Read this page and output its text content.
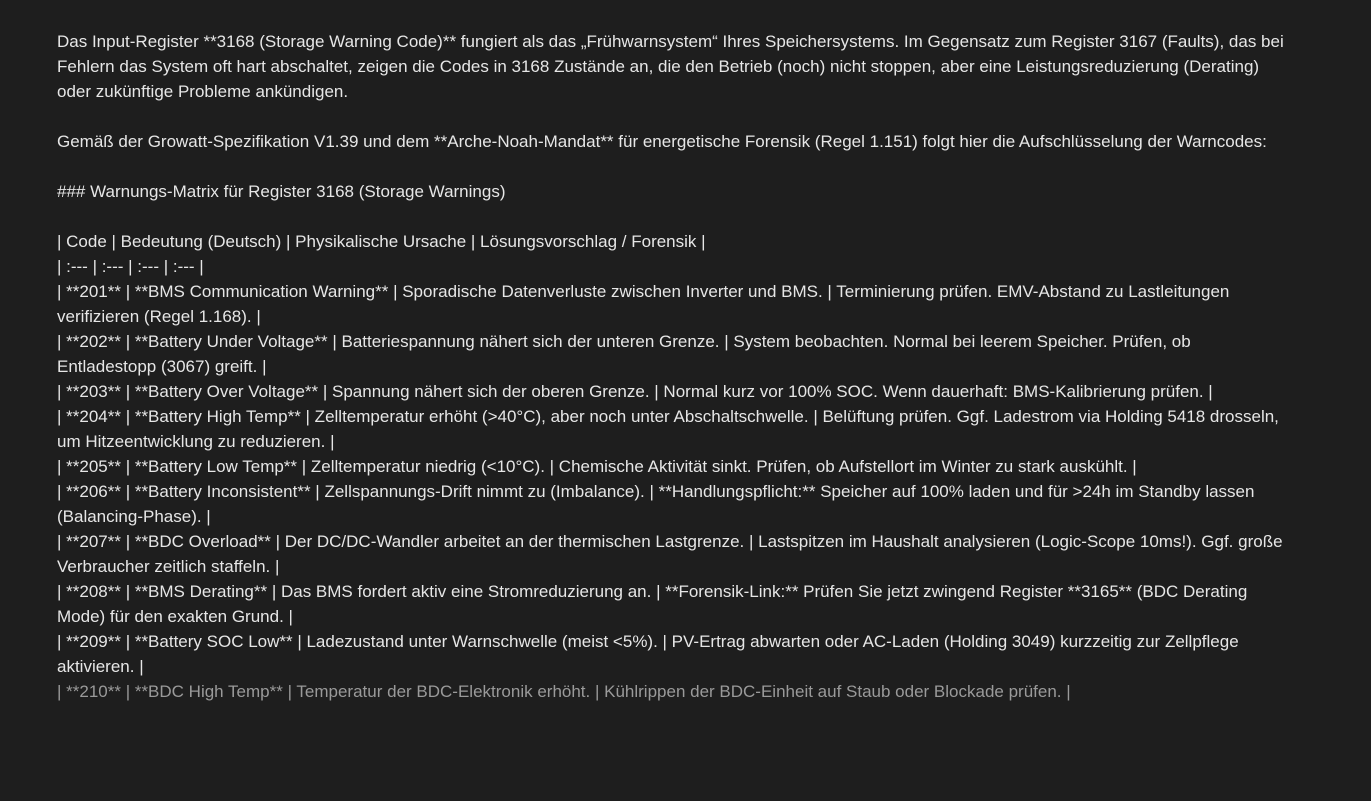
Das Input-Register **3168 (Storage Warning Code)** fungiert als das „Frühwarnsystem“ Ihres Speichersystems. Im Gegensatz zum Register 3167 (Faults), das bei Fehlern das System oft hart abschaltet, zeigen die Codes in 3168 Zustände an, die den Betrieb (noch) nicht stoppen, aber eine Leistungsreduzierung (Derating) oder zukünftige Probleme ankündigen.

Gemäß der Growatt-Spezifikation V1.39 und dem **Arche-Noah-Mandat** für energetische Forensik (Regel 1.151) folgt hier die Aufschlüsselung der Warncodes:

### Warnungs-Matrix für Register 3168 (Storage Warnings)

| Code | Bedeutung (Deutsch) | Physikalische Ursache | Lösungsvorschlag / Forensik |

| :--- | :--- | :--- | :--- |

| **201** | **BMS Communication Warning** | Sporadische Datenverluste zwischen Inverter und BMS. | Terminierung prüfen. EMV-Abstand zu Lastleitungen verifizieren (Regel 1.168). |

| **202** | **Battery Under Voltage** | Batteriespannung nähert sich der unteren Grenze. | System beobachten. Normal bei leerem Speicher. Prüfen, ob Entladestopp (3067) greift. |

| **203** | **Battery Over Voltage** | Spannung nähert sich der oberen Grenze. | Normal kurz vor 100% SOC. Wenn dauerhaft: BMS-Kalibrierung prüfen. |

| **204** | **Battery High Temp** | Zelltemperatur erhöht (>40°C), aber noch unter Abschaltschwelle. | Belüftung prüfen. Ggf. Ladestrom via Holding 5418 drosseln, um Hitzeentwicklung zu reduzieren. |

| **205** | **Battery Low Temp** | Zelltemperatur niedrig (<10°C). | Chemische Aktivität sinkt. Prüfen, ob Aufstellort im Winter zu stark auskühlt. |

| **206** | **Battery Inconsistent** | Zellspannungs-Drift nimmt zu (Imbalance). | **Handlungspflicht:** Speicher auf 100% laden und für >24h im Standby lassen (Balancing-Phase). |

| **207** | **BDC Overload** | Der DC/DC-Wandler arbeitet an der thermischen Lastgrenze. | Lastspitzen im Haushalt analysieren (Logic-Scope 10ms!). Ggf. große Verbraucher zeitlich staffeln. |

| **208** | **BMS Derating** | Das BMS fordert aktiv eine Stromreduzierung an. | **Forensik-Link:** Prüfen Sie jetzt zwingend Register **3165** (BDC Derating Mode) für den exakten Grund. |

| **209** | **Battery SOC Low** | Ladezustand unter Warnschwelle (meist <5%). | PV-Ertrag abwarten oder AC-Laden (Holding 3049) kurzzeitig zur Zellpflege aktivieren. |

| **210** | **BDC High Temp** | Temperatur der BDC-Elektronik erhöht. | Kühlrippen der BDC-Einheit auf Staub oder Blockade prüfen. |
